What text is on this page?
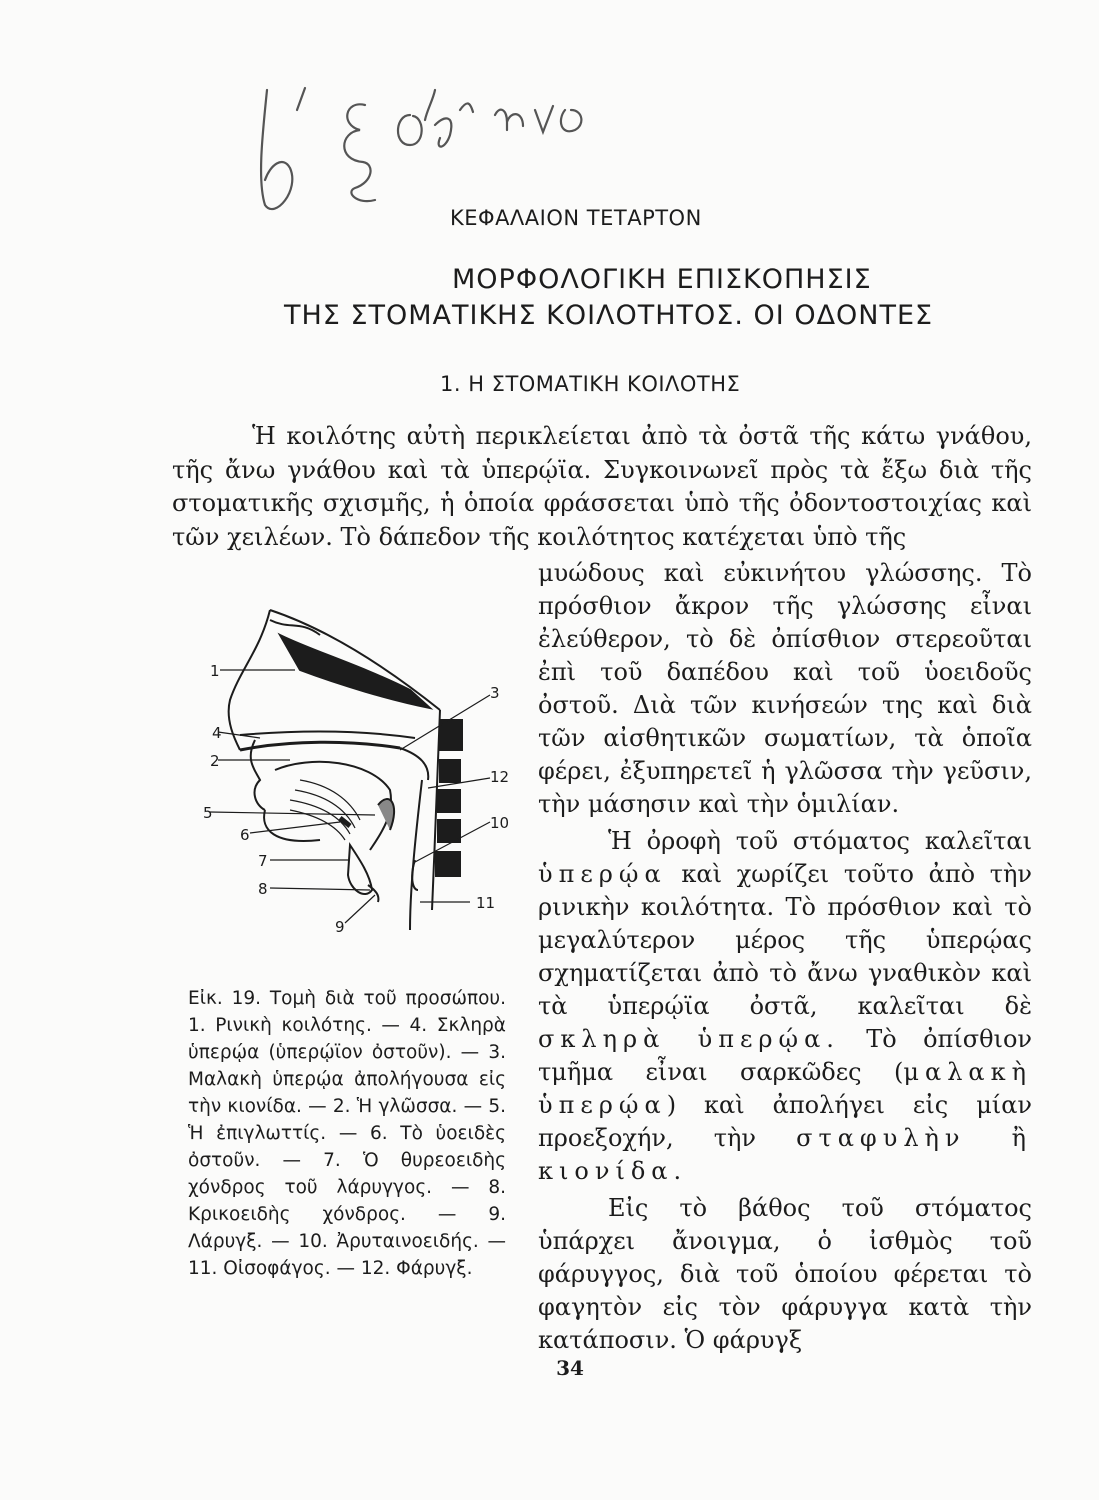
ΚΕΦΑΛΑΙΟΝ ΤΕΤΑΡΤΟΝ
ΜΟΡΦΟΛΟΓΙΚΗ ΕΠΙΣΚΟΠΗΣΙΣ
ΤΗΣ ΣΤΟΜΑΤΙΚΗΣ ΚΟΙΛΟΤΗΤΟΣ. ΟΙ ΟΔΟΝΤΕΣ
1. Η ΣΤΟΜΑΤΙΚΗ ΚΟΙΛΟΤΗΣ
Ἡ κοιλότης αὐτὴ περικλείεται ἀπὸ τὰ ὀστᾶ τῆς κάτω γνάθου, τῆς ἄνω γνάθου καὶ τὰ ὑπερῴϊα. Συγκοινωνεῖ πρὸς τὰ ἔξω διὰ τῆς στοματικῆς σχισμῆς, ἡ ὁποία φράσσεται ὑπὸ τῆς ὀδοντοστοιχίας καὶ τῶν χειλέων. Τὸ δάπεδον τῆς κοιλότητος κατέχεται ὑπὸ τῆς

μυώδους καὶ εὐκινήτου γλώσσης. Τὸ πρόσθιον ἄκρον τῆς γλώσσης εἶναι ἐλεύθερον, τὸ δὲ ὀπίσθιον στερεοῦται ἐπὶ τοῦ δαπέδου καὶ τοῦ ὑοειδοῦς ὀστοῦ. Διὰ τῶν κινήσεών της καὶ διὰ τῶν αἰσθητικῶν σωματίων, τὰ ὁποῖα φέρει, ἐξυπηρετεῖ ἡ γλῶσσα τὴν γεῦσιν, τὴν μάσησιν καὶ τὴν ὁμιλίαν.

Ἡ ὀροφὴ τοῦ στόματος καλεῖται ὑπερῴα καὶ χωρίζει τοῦτο ἀπὸ τὴν ρινικὴν κοιλότητα. Τὸ πρόσθιον καὶ τὸ μεγαλύτερον μέρος τῆς ὑπερῴας σχηματίζεται ἀπὸ τὸ ἄνω γναθικὸν καὶ τὰ ὑπερῴϊα ὀστᾶ, καλεῖται δὲ σκληρὰ ὑπερῴα. Τὸ ὀπίσθιον τμῆμα εἶναι σαρκῶδες (μαλακὴ ὑπερῴα) καὶ ἀπολήγει εἰς μίαν προεξοχήν, τὴν σταφυλὴν ἢ κιονίδα.

Εἰς τὸ βάθος τοῦ στόματος ὑπάρχει ἄνοιγμα, ὁ ἰσθμὸς τοῦ φάρυγγος, διὰ τοῦ ὁποίου φέρεται τὸ φαγητὸν εἰς τὸν φάρυγγα κατὰ τὴν κατάποσιν. Ὁ φάρυγξ

1
4
2
3
12
5
10
6
7
8
9
11
Εἰκ. 19. Τομὴ διὰ τοῦ προσώπου. 1. Ρινικὴ κοιλότης. — 4. Σκληρὰ ὑπερῴα (ὑπερῴϊον ὀστοῦν). — 3. Μαλακὴ ὑπερῴα ἀπολήγουσα εἰς τὴν κιονίδα. — 2. Ἡ γλῶσσα. — 5. Ἡ ἐπιγλωττίς. — 6. Τὸ ὑοειδὲς ὀστοῦν. — 7. Ὁ θυρεοειδὴς χόνδρος τοῦ λάρυγγος. — 8. Κρικοειδὴς χόνδρος. — 9. Λάρυγξ. — 10. Ἀρυταινοειδής. — 11. Οἰσοφάγος. — 12. Φάρυγξ.
34
